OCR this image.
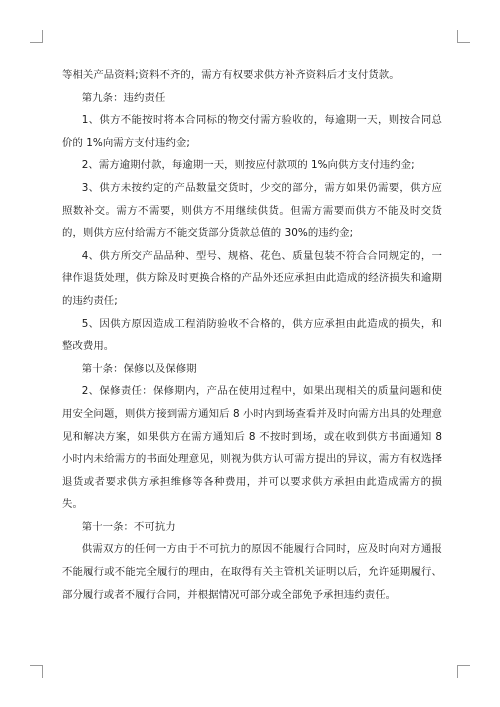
等相关产品资料;资料不齐的，需方有权要求供方补齐资料后才支付货款。

第九条：违约责任

1、供方不能按时将本合同标的物交付需方验收的，每逾期一天，则按合同总价的 1%向需方支付违约金;

2、需方逾期付款，每逾期一天，则按应付款项的 1%向供方支付违约金;

3、供方未按约定的产品数量交货时，少交的部分，需方如果仍需要，供方应照数补交。需方不需要，则供方不用继续供货。但需方需要而供方不能及时交货的，则供方应付给需方不能交货部分货款总值的 30%的违约金;

4、供方所交产品品种、型号、规格、花色、质量包装不符合合同规定的，一律作退货处理，供方除及时更换合格的产品外还应承担由此造成的经济损失和逾期的违约责任;

5、因供方原因造成工程消防验收不合格的，供方应承担由此造成的损失，和整改费用。

第十条：保修以及保修期

2、保修责任：保修期内，产品在使用过程中，如果出现相关的质量问题和使用安全问题，则供方接到需方通知后 8 小时内到场查看并及时向需方出具的处理意见和解决方案，如果供方在需方通知后 8 不按时到场，或在收到供方书面通知 8 小时内未给需方的书面处理意见，则视为供方认可需方提出的异议，需方有权选择退货或者要求供方承担维修等各种费用，并可以要求供方承担由此造成需方的损失。

第十一条：不可抗力

供需双方的任何一方由于不可抗力的原因不能履行合同时，应及时向对方通报不能履行或不能完全履行的理由，在取得有关主管机关证明以后，允许延期履行、部分履行或者不履行合同，并根据情况可部分或全部免予承担违约责任。
